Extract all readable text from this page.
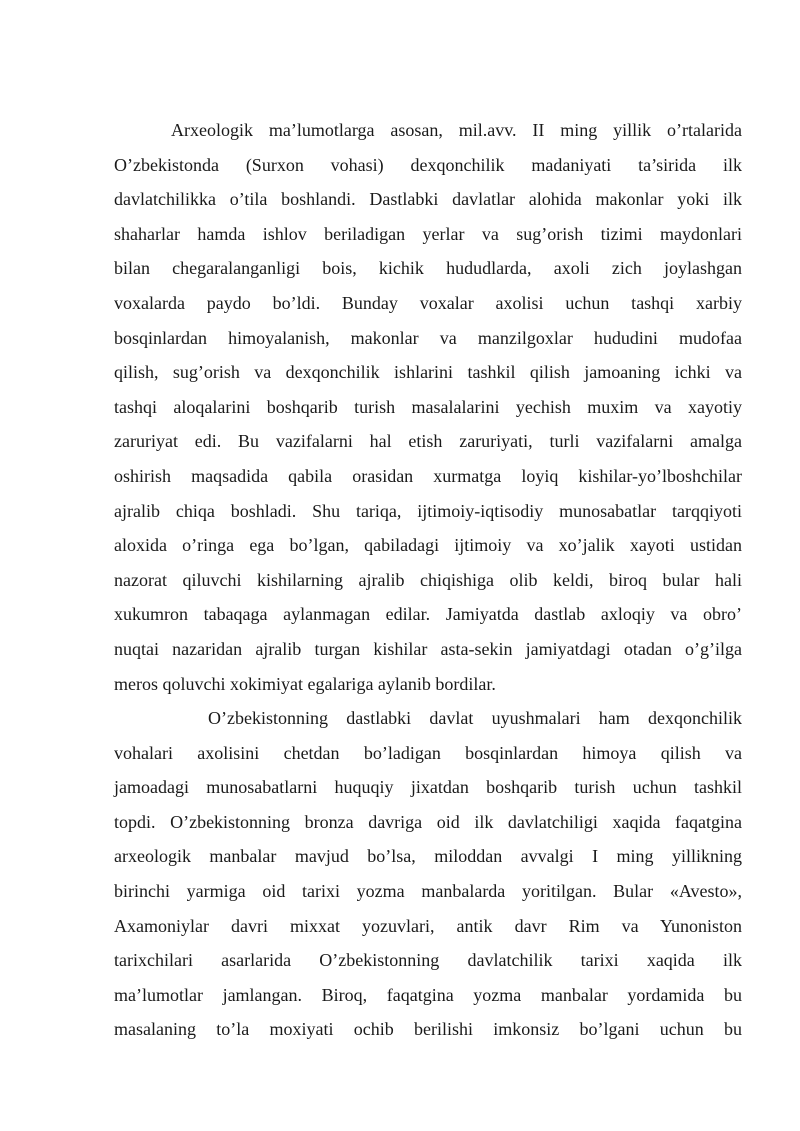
Arxeologik ma’lumotlarga asosan, mil.avv. II ming yillik o’rtalarida
O’zbekistonda (Surxon vohasi) dexqonchilik madaniyati ta’sirida ilk
davlatchilikka o’tila boshlandi. Dastlabki davlatlar alohida makonlar yoki ilk
shaharlar hamda ishlov beriladigan yerlar va sug’orish tizimi maydonlari
bilan chegaralanganligi bois, kichik hududlarda, axoli zich joylashgan
voxalarda paydo bo’ldi. Bunday voxalar axolisi uchun tashqi xarbiy
bosqinlardan himoyalanish, makonlar va manzilgoxlar hududini mudofaa
qilish, sug’orish va dexqonchilik ishlarini tashkil qilish jamoaning ichki va
tashqi aloqalarini boshqarib turish masalalarini yechish muxim va xayotiy
zaruriyat edi. Bu vazifalarni hal etish zaruriyati, turli vazifalarni amalga
oshirish maqsadida qabila orasidan xurmatga loyiq kishilar-yo’lboshchilar
ajralib chiqa boshladi. Shu tariqa, ijtimoiy-iqtisodiy munosabatlar tarqqiyoti
aloxida o’ringa ega bo’lgan, qabiladagi ijtimoiy va xo’jalik xayoti ustidan
nazorat qiluvchi kishilarning ajralib chiqishiga olib keldi, biroq bular hali
xukumron tabaqaga aylanmagan edilar. Jamiyatda dastlab axloqiy va obro’
nuqtai nazaridan ajralib turgan kishilar asta-sekin jamiyatdagi otadan o’g’ilga
meros qoluvchi xokimiyat egalariga aylanib bordilar.
O’zbekistonning dastlabki davlat uyushmalari ham dexqonchilik
vohalari axolisini chetdan bo’ladigan bosqinlardan himoya qilish va
jamoadagi munosabatlarni huquqiy jixatdan boshqarib turish uchun tashkil
topdi. O’zbekistonning bronza davriga oid ilk davlatchiligi xaqida faqatgina
arxeologik manbalar mavjud bo’lsa, miloddan avvalgi I ming yillikning
birinchi yarmiga oid tarixi yozma manbalarda yoritilgan. Bular «Avesto»,
Axamoniylar davri mixxat yozuvlari, antik davr Rim va Yunoniston
tarixchilari asarlarida O’zbekistonning davlatchilik tarixi xaqida ilk
ma’lumotlar jamlangan. Biroq, faqatgina yozma manbalar yordamida bu
masalaning to’la moxiyati ochib berilishi imkonsiz bo’lgani uchun bu
